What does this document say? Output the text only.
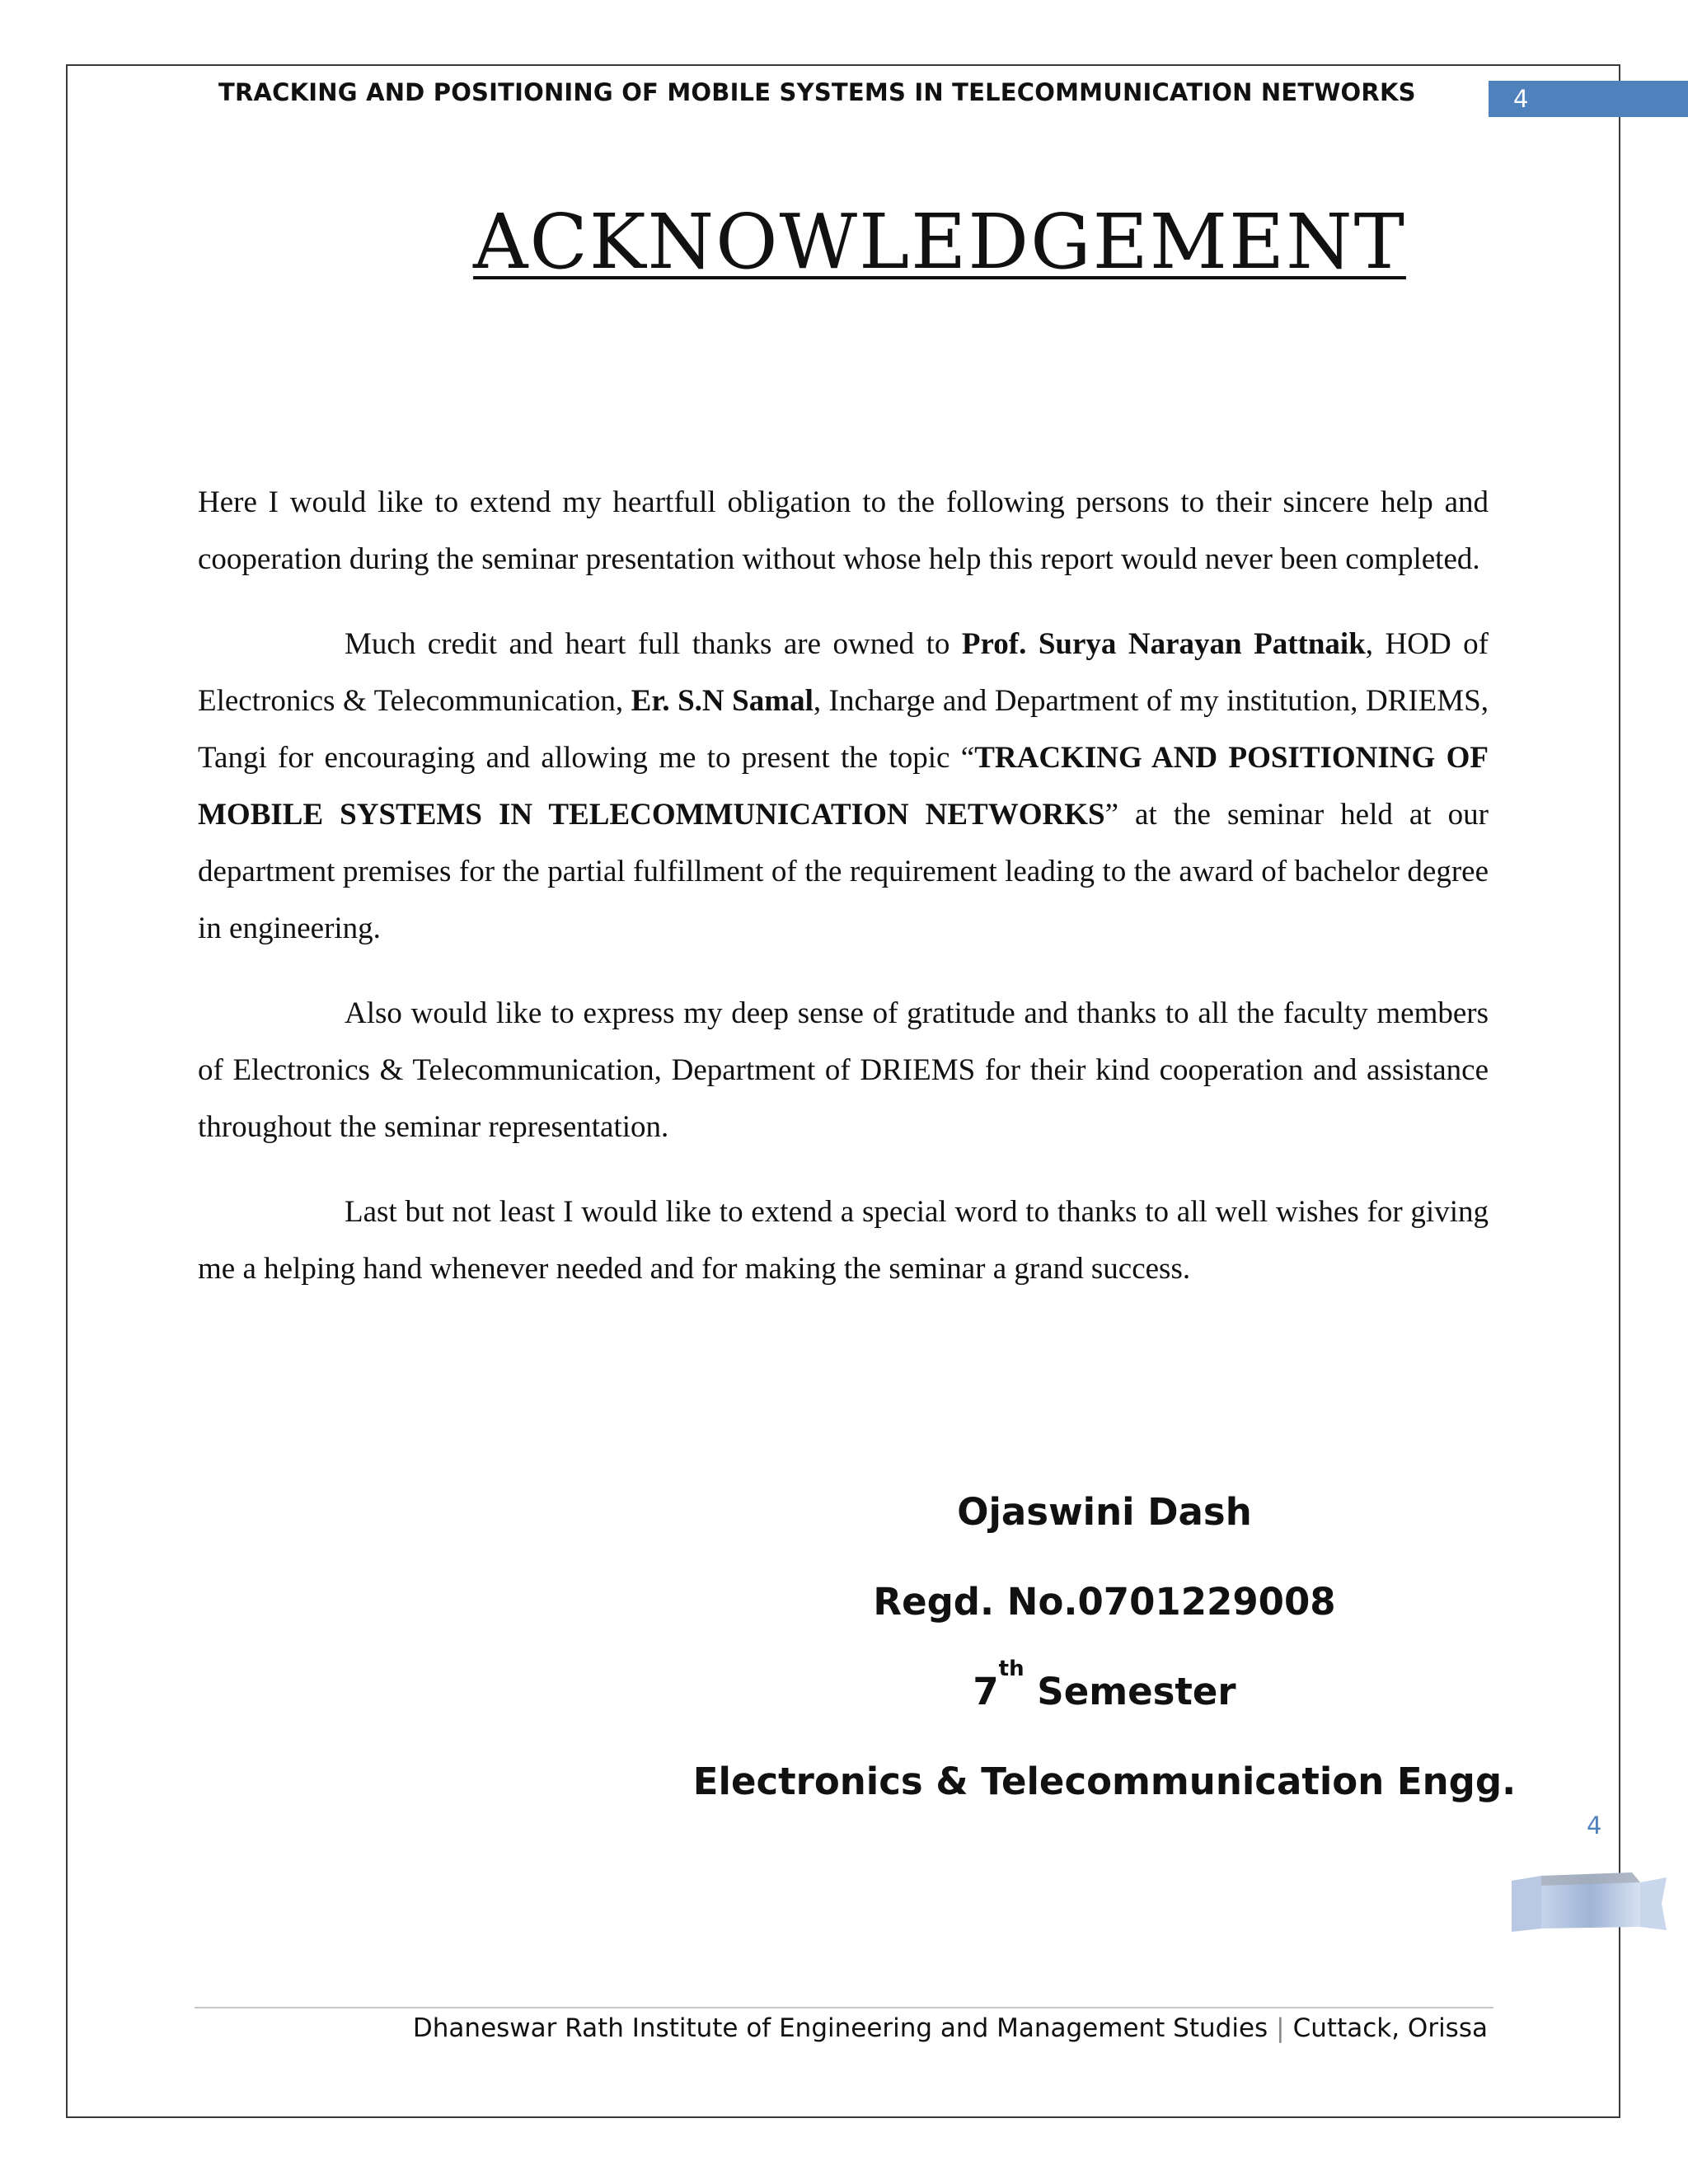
TRACKING AND POSITIONING OF MOBILE SYSTEMS IN TELECOMMUNICATION NETWORKS	4
ACKNOWLEDGEMENT

Here I would like to extend my heartfull obligation to the following persons to their sincere help and cooperation during the seminar presentation without whose help this report would never been completed.

Much credit and heart full thanks are owned to Prof. Surya Narayan Pattnaik, HOD of Electronics & Telecommunication, Er. S.N Samal, Incharge and Department of my institution, DRIEMS, Tangi for encouraging and allowing me to present the topic “TRACKING AND POSITIONING OF MOBILE SYSTEMS IN TELECOMMUNICATION NETWORKS” at the seminar held at our department premises for the partial fulfillment of the requirement leading to the award of bachelor degree in engineering.

Also would like to express my deep sense of gratitude and thanks to all the faculty members of Electronics & Telecommunication, Department of DRIEMS for their kind cooperation and assistance throughout the seminar representation.

Last but not least I would like to extend a special word to thanks to all well wishes for giving me a helping hand whenever needed and for making the seminar a grand success.

Ojaswini Dash
Regd. No.0701229008
7th Semester
Electronics & Telecommunication Engg.
4
Dhaneswar Rath Institute of Engineering and Management Studies | Cuttack, Orissa
